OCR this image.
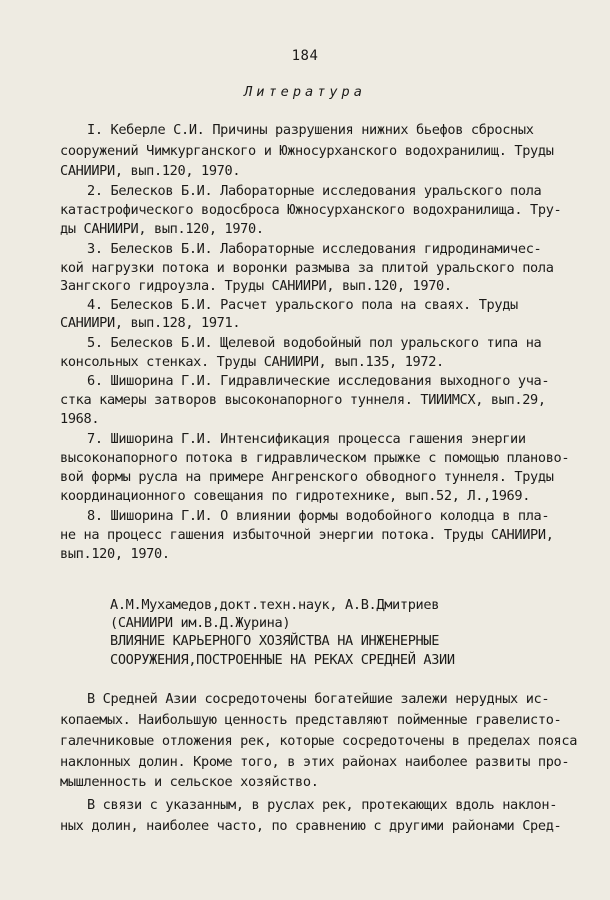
184
Литература
I. Кеберле С.И. Причины разрушения нижних бьефов сбросных
сооружений Чимкурганского и Южносурханского водохранилищ. Труды
САНИИРИ, вып.120, 1970.
2. Белесков Б.И. Лабораторные исследования уральского пола
катастрофического водосброса Южносурханского водохранилища. Тру-
ды САНИИРИ, вып.120, 1970.
3. Белесков Б.И. Лабораторные исследования гидродинамичес-
кой нагрузки потока и воронки размыва за плитой уральского пола
Зангского гидроузла. Труды САНИИРИ, вып.120, 1970.
4. Белесков Б.И. Расчет уральского пола на сваях. Труды
САНИИРИ, вып.128, 1971.
5. Белесков Б.И. Щелевой водобойный пол уральского типа на
консольных стенках. Труды САНИИРИ, вып.135, 1972.
6. Шишорина Г.И. Гидравлические исследования выходного уча-
стка камеры затворов высоконапорного туннеля. ТИИИМСХ, вып.29,
1968.
7. Шишорина Г.И. Интенсификация процесса гашения энергии
высоконапорного потока в гидравлическом прыжке с помощью планово-
вой формы русла на примере Ангренского обводного туннеля. Труды
координационного совещания по гидротехнике, вып.52, Л.,1969.
8. Шишорина Г.И. О влиянии формы водобойного колодца в пла-
не на процесс гашения избыточной энергии потока. Труды САНИИРИ,
вып.120, 1970.
А.М.Мухамедов,докт.техн.наук, А.В.Дмитриев
(САНИИРИ им.В.Д.Журина)
ВЛИЯНИЕ КАРЬЕРНОГО ХОЗЯЙСТВА НА ИНЖЕНЕРНЫЕ
СООРУЖЕНИЯ,ПОСТРОЕННЫЕ НА РЕКАХ СРЕДНЕЙ АЗИИ
В Средней Азии сосредоточены богатейшие залежи нерудных ис-
копаемых. Наибольшую ценность представляют пойменные гравелисто-
галечниковые отложения рек, которые сосредоточены в пределах пояса
наклонных долин. Кроме того, в этих районах наиболее развиты про-
мышленность и сельское хозяйство.
В связи с указанным, в руслах рек, протекающих вдоль наклон-
ных долин, наиболее часто, по сравнению с другими районами Сред-
